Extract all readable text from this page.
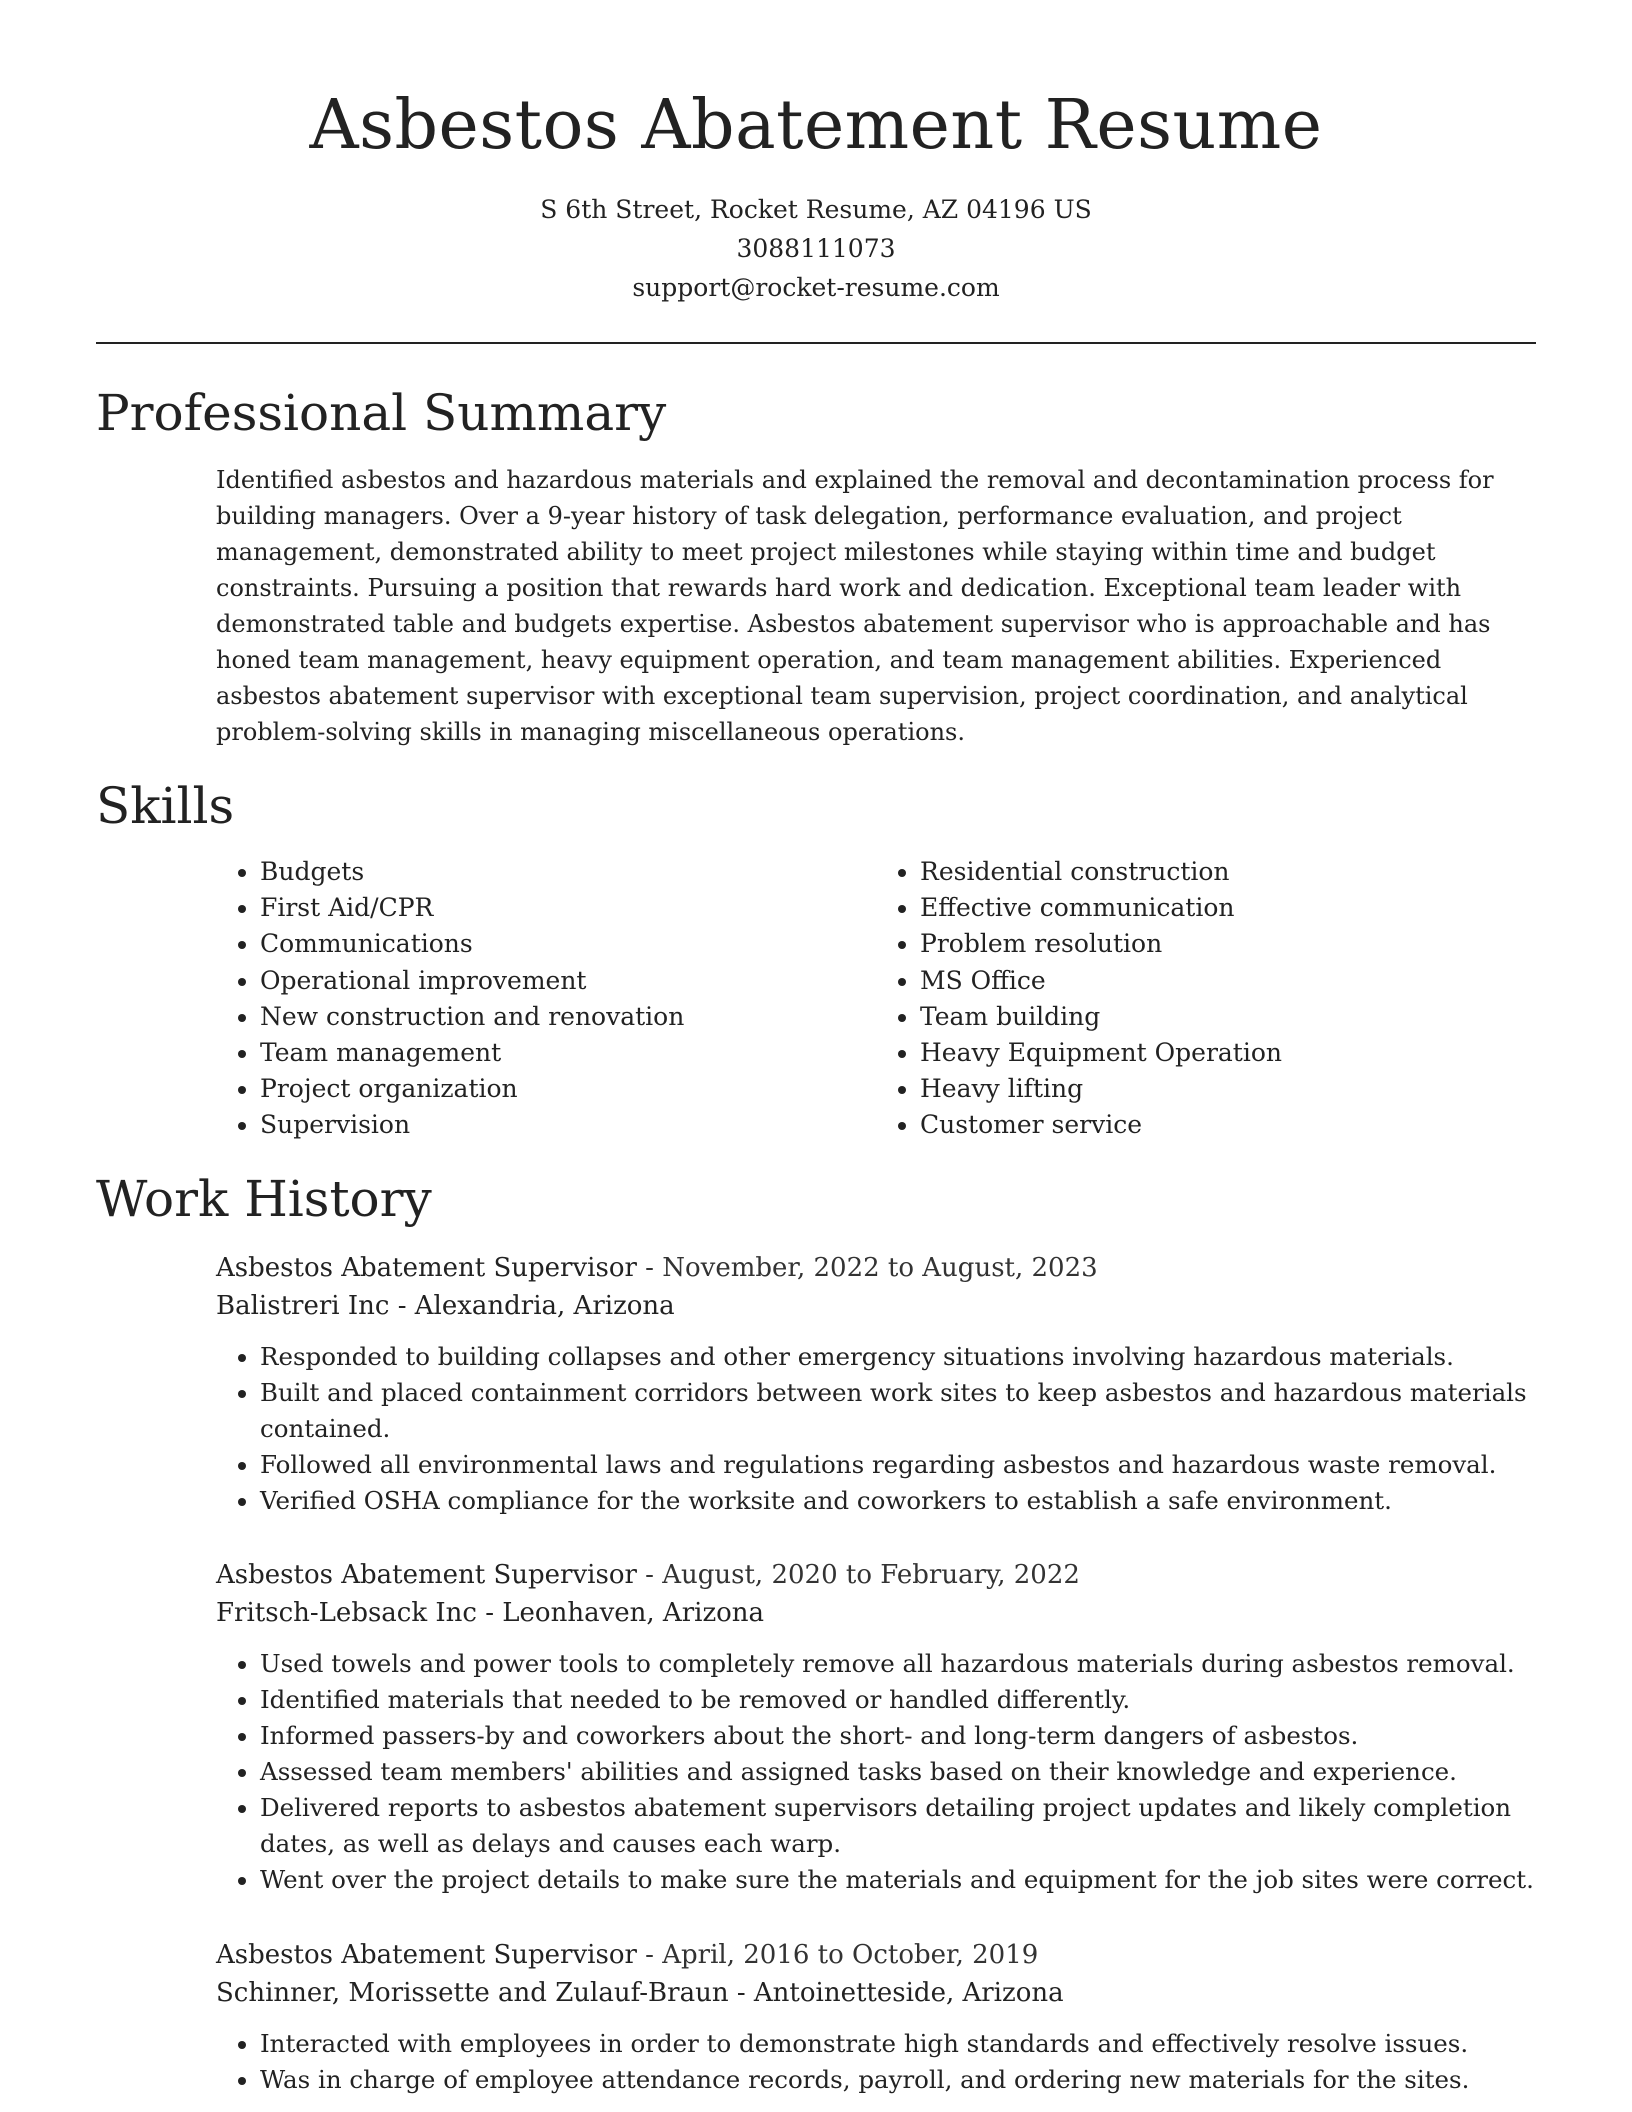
Asbestos Abatement Resume
S 6th Street, Rocket Resume, AZ 04196 US
3088111073
support@rocket-resume.com
Professional Summary

Identified asbestos and hazardous materials and explained the removal and decontamination process for building managers. Over a 9-year history of task delegation, performance evaluation, and project management, demonstrated ability to meet project milestones while staying within time and budget constraints. Pursuing a position that rewards hard work and dedication. Exceptional team leader with demonstrated table and budgets expertise. Asbestos abatement supervisor who is approachable and has honed team management, heavy equipment operation, and team management abilities. Experienced asbestos abatement supervisor with exceptional team supervision, project coordination, and analytical problem-solving skills in managing miscellaneous operations.

Skills
• Budgets
• First Aid/CPR
• Communications
• Operational improvement
• New construction and renovation
• Team management
• Project organization
• Supervision
• Residential construction
• Effective communication
• Problem resolution
• MS Office
• Team building
• Heavy Equipment Operation
• Heavy lifting
• Customer service
Work History
Asbestos Abatement Supervisor - November, 2022 to August, 2023
Balistreri Inc - Alexandria, Arizona
• Responded to building collapses and other emergency situations involving hazardous materials.
• Built and placed containment corridors between work sites to keep asbestos and hazardous materials contained.
• Followed all environmental laws and regulations regarding asbestos and hazardous waste removal.
• Verified OSHA compliance for the worksite and coworkers to establish a safe environment.
Asbestos Abatement Supervisor - August, 2020 to February, 2022
Fritsch-Lebsack Inc - Leonhaven, Arizona
• Used towels and power tools to completely remove all hazardous materials during asbestos removal.
• Identified materials that needed to be removed or handled differently.
• Informed passers-by and coworkers about the short- and long-term dangers of asbestos.
• Assessed team members' abilities and assigned tasks based on their knowledge and experience.
• Delivered reports to asbestos abatement supervisors detailing project updates and likely completion dates, as well as delays and causes each warp.
• Went over the project details to make sure the materials and equipment for the job sites were correct.
Asbestos Abatement Supervisor - April, 2016 to October, 2019
Schinner, Morissette and Zulauf-Braun - Antoinetteside, Arizona
• Interacted with employees in order to demonstrate high standards and effectively resolve issues.
• Was in charge of employee attendance records, payroll, and ordering new materials for the sites.
